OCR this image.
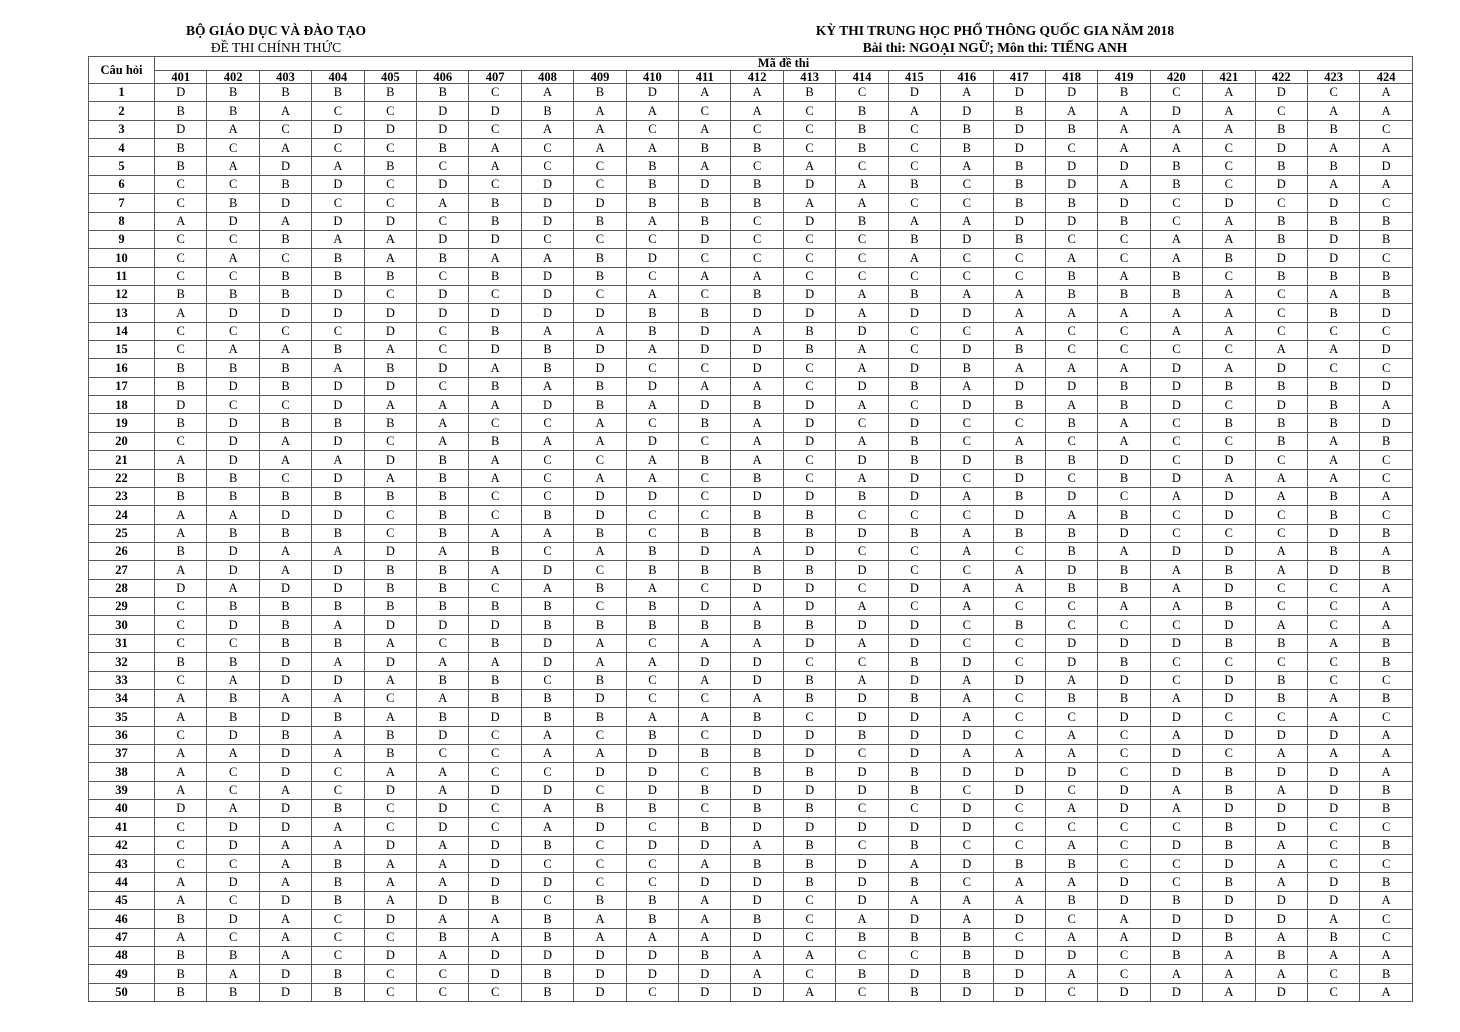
BỘ GIÁO DỤC VÀ ĐÀO TẠO
ĐỀ THI CHÍNH THỨC
KỲ THI TRUNG HỌC PHỔ THÔNG QUỐC GIA NĂM 2018
Bài thi: NGOẠI NGỮ; Môn thi: TIẾNG ANH
Câu hỏi	Mã đề thi																							
	401	402	403	404	405	406	407	408	409	410	411	412	413	414	415	416	417	418	419	420	421	422	423	424
1	D	B	B	B	B	B	C	A	B	D	A	A	B	C	D	A	D	D	B	C	A	D	C	A
2	B	B	A	C	C	D	D	B	A	A	C	A	C	B	A	D	B	A	A	D	A	C	A	A
3	D	A	C	D	D	D	C	A	A	C	A	C	C	B	C	B	D	B	A	A	A	B	B	C
4	B	C	A	C	C	B	A	C	A	A	B	B	C	B	C	B	D	C	A	A	C	D	A	A
5	B	A	D	A	B	C	A	C	C	B	A	C	A	C	C	A	B	D	D	B	C	B	B	D
6	C	C	B	D	C	D	C	D	C	B	D	B	D	A	B	C	B	D	A	B	C	D	A	A
7	C	B	D	C	C	A	B	D	D	B	B	B	A	A	C	C	B	B	D	C	D	C	D	C
8	A	D	A	D	D	C	B	D	B	A	B	C	D	B	A	A	D	D	B	C	A	B	B	B
9	C	C	B	A	A	D	D	C	C	C	D	C	C	C	B	D	B	C	C	A	A	B	D	B
10	C	A	C	B	A	B	A	A	B	D	C	C	C	C	A	C	C	A	C	A	B	D	D	C
11	C	C	B	B	B	C	B	D	B	C	A	A	C	C	C	C	C	B	A	B	C	B	B	B
12	B	B	B	D	C	D	C	D	C	A	C	B	D	A	B	A	A	B	B	B	A	C	A	B
13	A	D	D	D	D	D	D	D	D	B	B	D	D	A	D	D	A	A	A	A	A	C	B	D
14	C	C	C	C	D	C	B	A	A	B	D	A	B	D	C	C	A	C	C	A	A	C	C	C
15	C	A	A	B	A	C	D	B	D	A	D	D	B	A	C	D	B	C	C	C	C	A	A	D
16	B	B	B	A	B	D	A	B	D	C	C	D	C	A	D	B	A	A	A	D	A	D	C	C
17	B	D	B	D	D	C	B	A	B	D	A	A	C	D	B	A	D	D	B	D	B	B	B	D
18	D	C	C	D	A	A	A	D	B	A	D	B	D	A	C	D	B	A	B	D	C	D	B	A
19	B	D	B	B	B	A	C	C	A	C	B	A	D	C	D	C	C	B	A	C	B	B	B	D
20	C	D	A	D	C	A	B	A	A	D	C	A	D	A	B	C	A	C	A	C	C	B	A	B
21	A	D	A	A	D	B	A	C	C	A	B	A	C	D	B	D	B	B	D	C	D	C	A	C
22	B	B	C	D	A	B	A	C	A	A	C	B	C	A	D	C	D	C	B	D	A	A	A	C
23	B	B	B	B	B	B	C	C	D	D	C	D	D	B	D	A	B	D	C	A	D	A	B	A
24	A	A	D	D	C	B	C	B	D	C	C	B	B	C	C	C	D	A	B	C	D	C	B	C
25	A	B	B	B	C	B	A	A	B	C	B	B	B	D	B	A	B	B	D	C	C	C	D	B
26	B	D	A	A	D	A	B	C	A	B	D	A	D	C	C	A	C	B	A	D	D	A	B	A
27	A	D	A	D	B	B	A	D	C	B	B	B	B	D	C	C	A	D	B	A	B	A	D	B
28	D	A	D	D	B	B	C	A	B	A	C	D	D	C	D	A	A	B	B	A	D	C	C	A
29	C	B	B	B	B	B	B	B	C	B	D	A	D	A	C	A	C	C	A	A	B	C	C	A
30	C	D	B	A	D	D	D	B	B	B	B	B	B	D	D	C	B	C	C	C	D	A	C	A
31	C	C	B	B	A	C	B	D	A	C	A	A	D	A	D	C	C	D	D	D	B	B	A	B
32	B	B	D	A	D	A	A	D	A	A	D	D	C	C	B	D	C	D	B	C	C	C	C	B
33	C	A	D	D	A	B	B	C	B	C	A	D	B	A	D	A	D	A	D	C	D	B	C	C
34	A	B	A	A	C	A	B	B	D	C	C	A	B	D	B	A	C	B	B	A	D	B	A	B
35	A	B	D	B	A	B	D	B	B	A	A	B	C	D	D	A	C	C	D	D	C	C	A	C
36	C	D	B	A	B	D	C	A	C	B	C	D	D	B	D	D	C	A	C	A	D	D	D	A
37	A	A	D	A	B	C	C	A	A	D	B	B	D	C	D	A	A	A	C	D	C	A	A	A
38	A	C	D	C	A	A	C	C	D	D	C	B	B	D	B	D	D	D	C	D	B	D	D	A
39	A	C	A	C	D	A	D	D	C	D	B	D	D	D	B	C	D	C	D	A	B	A	D	B
40	D	A	D	B	C	D	C	A	B	B	C	B	B	C	C	D	C	A	D	A	D	D	D	B
41	C	D	D	A	C	D	C	A	D	C	B	D	D	D	D	D	C	C	C	C	B	D	C	C
42	C	D	A	A	D	A	D	B	C	D	D	A	B	C	B	C	C	A	C	D	B	A	C	B
43	C	C	A	B	A	A	D	C	C	C	A	B	B	D	A	D	B	B	C	C	D	A	C	C
44	A	D	A	B	A	A	D	D	C	C	D	D	B	D	B	C	A	A	D	C	B	A	D	B
45	A	C	D	B	A	D	B	C	B	B	A	D	C	D	A	A	A	B	D	B	D	D	D	A
46	B	D	A	C	D	A	A	B	A	B	A	B	C	A	D	A	D	C	A	D	D	D	A	C
47	A	C	A	C	C	B	A	B	A	A	A	D	C	B	B	B	C	A	A	D	B	A	B	C
48	B	B	A	C	D	A	D	D	D	D	B	A	A	C	C	B	D	D	C	B	A	B	A	A
49	B	A	D	B	C	C	D	B	D	D	D	A	C	B	D	B	D	A	C	A	A	A	C	B
50	B	B	D	B	C	C	C	B	D	C	D	D	A	C	B	D	D	C	D	D	A	D	C	A
